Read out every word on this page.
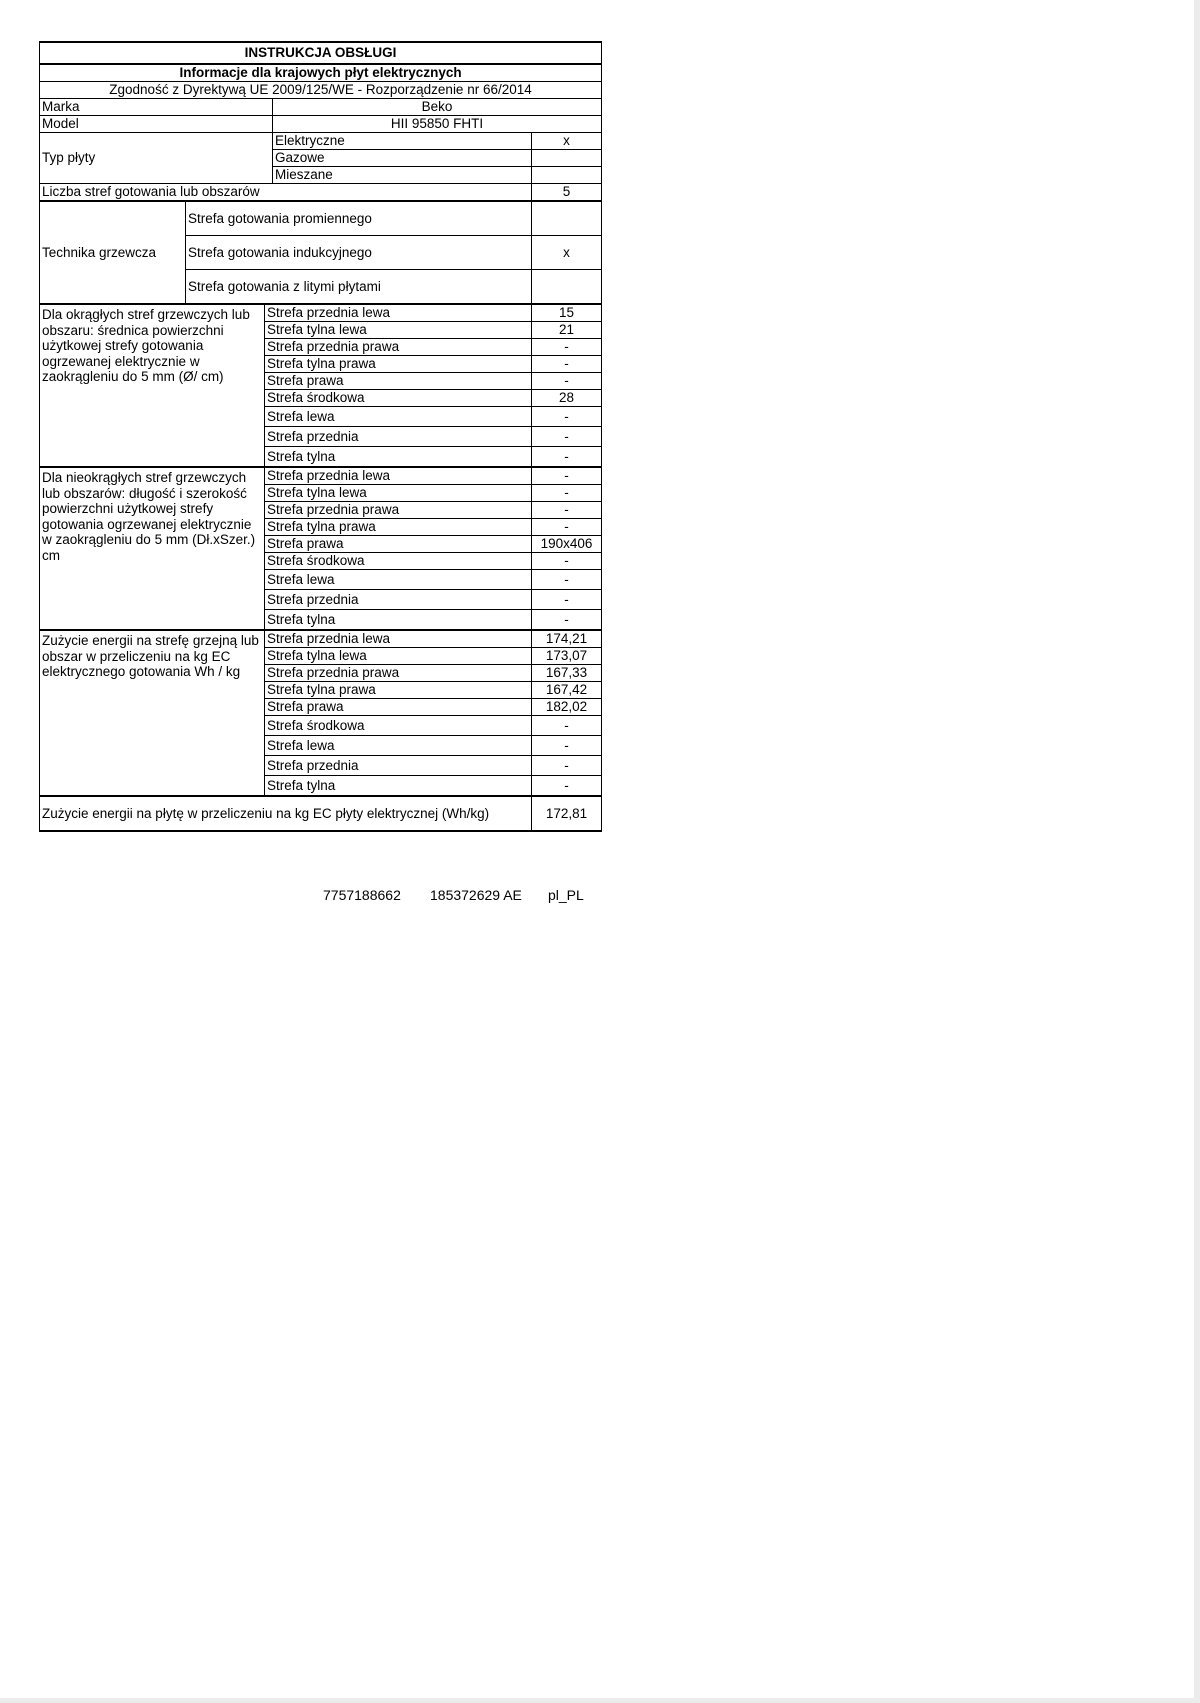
INSTRUKCJA OBSŁUGI				
Informacje dla krajowych płyt elektrycznych				
Zgodność z Dyrektywą UE 2009/125/WE - Rozporządzenie nr 66/2014				
Marka			Beko	
Model			HII 95850 FHTI	
Typ płyty			Elektryczne	x
			Gazowe	
			Mieszane	
Liczba stref gotowania lub obszarów				5
Technika grzewcza	Strefa gotowania promiennego			
	Strefa gotowania indukcyjnego			x
	Strefa gotowania z litymi płytami			
Dla okrągłych stref grzewczych lub obszaru: średnica powierzchni użytkowej strefy gotowania ogrzewanej elektrycznie w zaokrągleniu do 5 mm (Ø/ cm)		Strefa przednia lewa		15
		Strefa tylna lewa		21
		Strefa przednia prawa		-
		Strefa tylna prawa		-
		Strefa prawa		-
		Strefa środkowa		28
		Strefa lewa		-
		Strefa przednia		-
		Strefa tylna		-
Dla nieokrągłych stref grzewczych lub obszarów: długość i szerokość powierzchni użytkowej strefy gotowania ogrzewanej elektrycznie w zaokrągleniu do 5 mm (Dł.xSzer.) cm		Strefa przednia lewa		-
		Strefa tylna lewa		-
		Strefa przednia prawa		-
		Strefa tylna prawa		-
		Strefa prawa		190x406
		Strefa środkowa		-
		Strefa lewa		-
		Strefa przednia		-
		Strefa tylna		-
Zużycie energii na strefę grzejną lub obszar w przeliczeniu na kg EC elektrycznego gotowania Wh / kg		Strefa przednia lewa		174,21
		Strefa tylna lewa		173,07
		Strefa przednia prawa		167,33
		Strefa tylna prawa		167,42
		Strefa prawa		182,02
		Strefa środkowa		-
		Strefa lewa		-
		Strefa przednia		-
		Strefa tylna		-
Zużycie energii na płytę w przeliczeniu na kg EC płyty elektrycznej (Wh/kg)				172,81
7757188662 185372629 AE pl_PL
